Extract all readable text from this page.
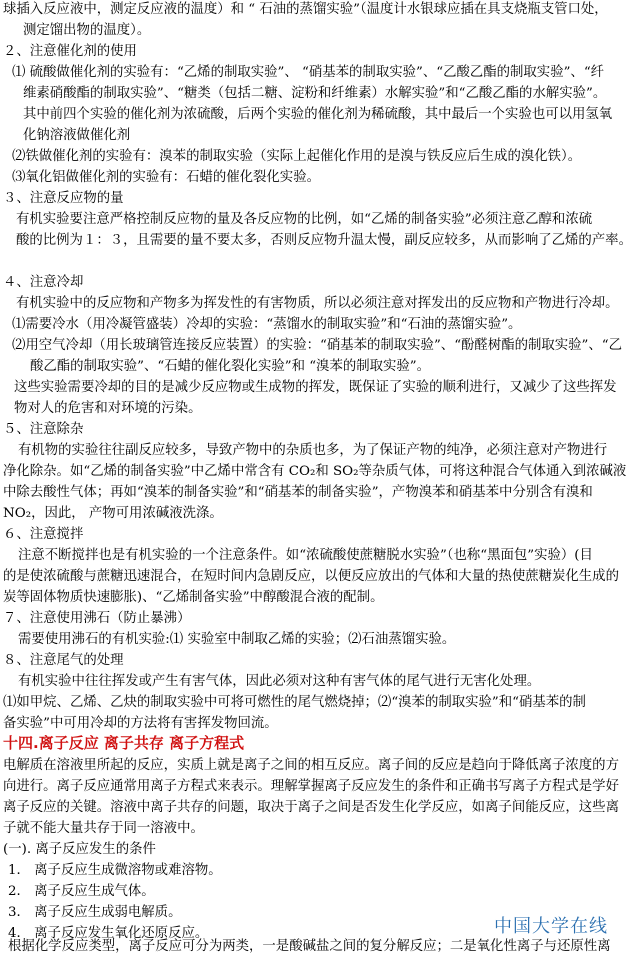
球插入反应液中，测定反应液的温度）和 “ 石油的蒸馏实验”（温度计水银球应插在具支烧瓶支管口处，
测定馏出物的温度）。
２、注意催化剂的使用
⑴ 硫酸做催化剂的实验有：“乙烯的制取实验”、 “硝基苯的制取实验”、“乙酸乙酯的制取实验”、“纤
维素硝酸酯的制取实验”、“糖类（包括二糖、淀粉和纤维素）水解实验”和“乙酸乙酯的水解实验”。
其中前四个实验的催化剂为浓硫酸，后两个实验的催化剂为稀硫酸，其中最后一个实验也可以用氢氧
化钠溶液做催化剂
⑵铁做催化剂的实验有：溴苯的制取实验（实际上起催化作用的是溴与铁反应后生成的溴化铁）。
⑶氧化铝做催化剂的实验有：石蜡的催化裂化实验。
３、注意反应物的量
有机实验要注意严格控制反应物的量及各反应物的比例，如“乙烯的制备实验”必须注意乙醇和浓硫
酸的比例为１：３，且需要的量不要太多，否则反应物升温太慢，副反应较多，从而影响了乙烯的产率。
４、注意冷却
有机实验中的反应物和产物多为挥发性的有害物质，所以必须注意对挥发出的反应物和产物进行冷却。
⑴需要冷水（用冷凝管盛装）冷却的实验：“蒸馏水的制取实验”和“石油的蒸馏实验”。
⑵用空气冷却（用长玻璃管连接反应装置）的实验：“硝基苯的制取实验”、“酚醛树酯的制取实验”、“乙
酸乙酯的制取实验”、“石蜡的催化裂化实验”和 “溴苯的制取实验”。
这些实验需要冷却的目的是减少反应物或生成物的挥发，既保证了实验的顺利进行，又减少了这些挥发
物对人的危害和对环境的污染。
５、注意除杂
有机物的实验往往副反应较多，导致产物中的杂质也多，为了保证产物的纯净，必须注意对产物进行
净化除杂。如“乙烯的制备实验”中乙烯中常含有 CO₂和 SO₂等杂质气体，可将这种混合气体通入到浓碱液
中除去酸性气体；再如“溴苯的制备实验”和“硝基苯的制备实验”，产物溴苯和硝基苯中分别含有溴和
NO₂，因此， 产物可用浓碱液洗涤。
６、注意搅拌
注意不断搅拌也是有机实验的一个注意条件。如“浓硫酸使蔗糖脱水实验”（也称“黑面包”实验）(目
的是使浓硫酸与蔗糖迅速混合，在短时间内急剧反应，以便反应放出的气体和大量的热使蔗糖炭化生成的
炭等固体物质快速膨胀)、“乙烯制备实验”中醇酸混合液的配制。
７、注意使用沸石（防止暴沸）
需要使用沸石的有机实验:⑴ 实验室中制取乙烯的实验；⑵石油蒸馏实验。
８、注意尾气的处理
有机实验中往往挥发或产生有害气体，因此必须对这种有害气体的尾气进行无害化处理。
⑴如甲烷、乙烯、乙炔的制取实验中可将可燃性的尾气燃烧掉；⑵“溴苯的制取实验”和“硝基苯的制
备实验”中可用冷却的方法将有害挥发物回流。
十四.离子反应 离子共存 离子方程式
电解质在溶液里所起的反应，实质上就是离子之间的相互反应。离子间的反应是趋向于降低离子浓度的方
向进行。离子反应通常用离子方程式来表示。理解掌握离子反应发生的条件和正确书写离子方程式是学好
离子反应的关键。溶液中离子共存的问题，取决于离子之间是否发生化学反应，如离子间能反应，这些离
子就不能大量共存于同一溶液中。
(一). 离子反应发生的条件
1． 离子反应生成微溶物或难溶物。
2． 离子反应生成气体。
3． 离子反应生成弱电解质。
4． 离子反应发生氧化还原反应。
根据化学反应类型，离子反应可分为两类，一是酸碱盐之间的复分解反应；二是氧化性离子与还原性离
中国大学在线
